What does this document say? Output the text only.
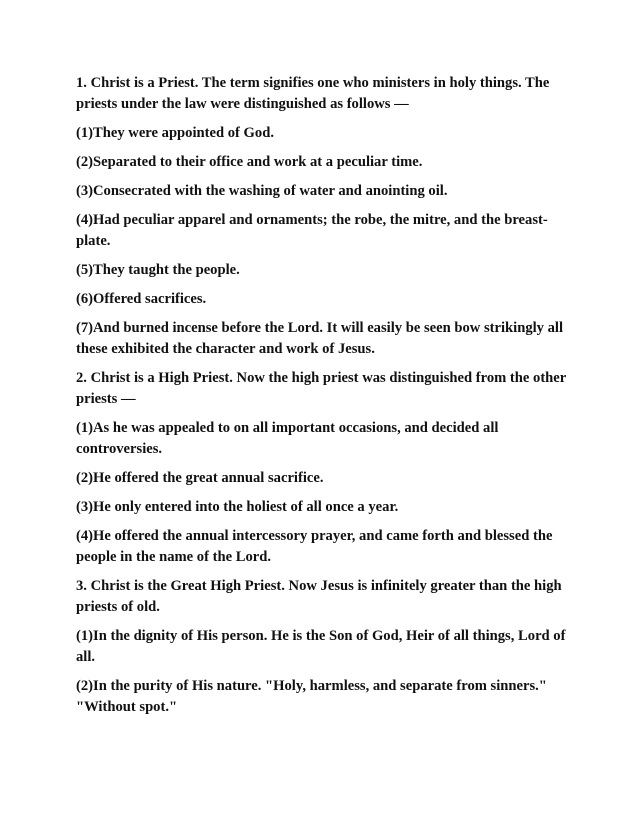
1. Christ is a Priest. The term signifies one who ministers in holy things. The priests under the law were distinguished as follows —

(1)They were appointed of God.

(2)Separated to their office and work at a peculiar time.

(3)Consecrated with the washing of water and anointing oil.

(4)Had peculiar apparel and ornaments; the robe, the mitre, and the breast-plate.

(5)They taught the people.

(6)Offered sacrifices.

(7)And burned incense before the Lord. It will easily be seen bow strikingly all these exhibited the character and work of Jesus.

2. Christ is a High Priest. Now the high priest was distinguished from the other priests —

(1)As he was appealed to on all important occasions, and decided all controversies.

(2)He offered the great annual sacrifice.

(3)He only entered into the holiest of all once a year.

(4)He offered the annual intercessory prayer, and came forth and blessed the people in the name of the Lord.

3. Christ is the Great High Priest. Now Jesus is infinitely greater than the high priests of old.

(1)In the dignity of His person. He is the Son of God, Heir of all things, Lord of all.

(2)In the purity of His nature. "Holy, harmless, and separate from sinners." "Without spot."
